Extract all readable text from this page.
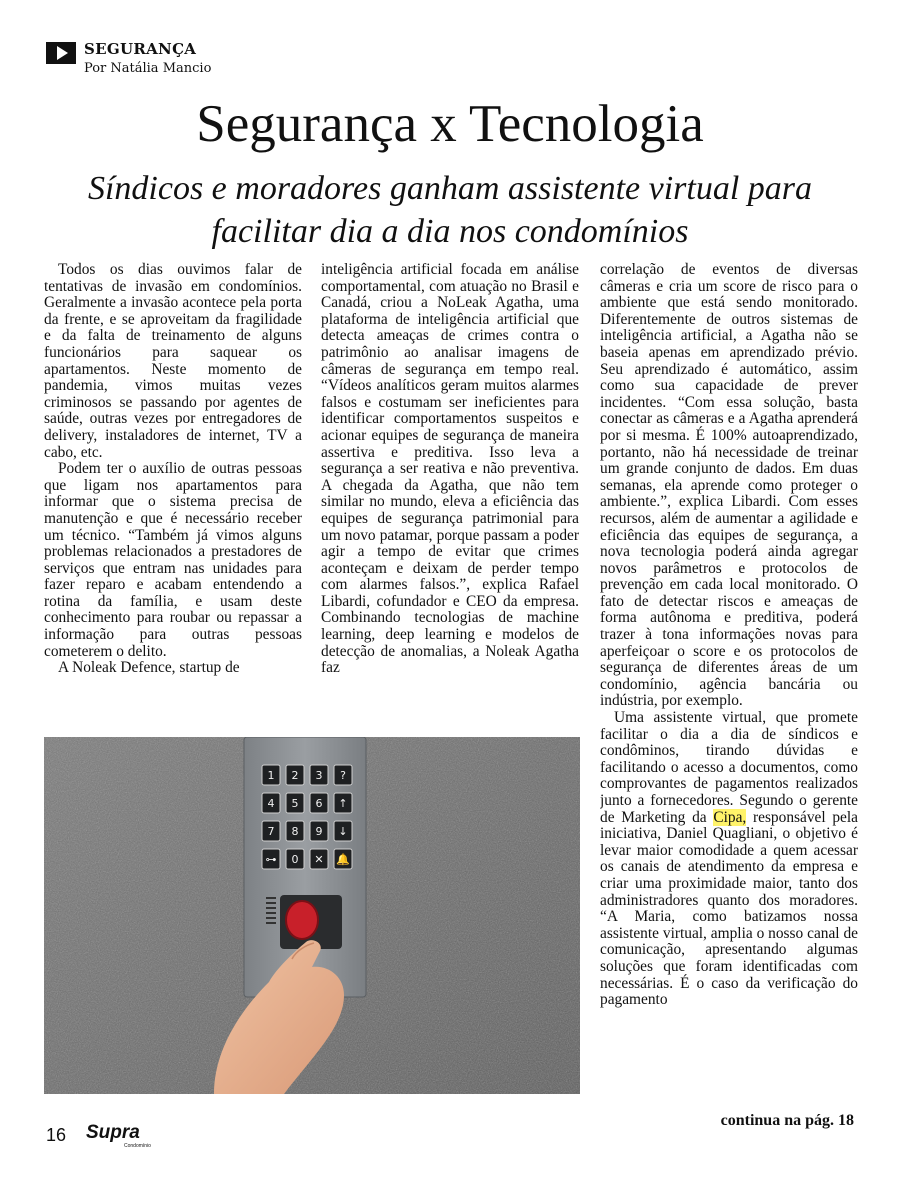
SEGURANÇA
Por Natália Mancio
Segurança x Tecnologia
Síndicos e moradores ganham assistente virtual para facilitar dia a dia nos condomínios

Todos os dias ouvimos falar de tentativas de invasão em condomínios. Geralmente a invasão acontece pela porta da frente, e se aproveitam da fragilidade e da falta de treinamento de alguns funcionários para saquear os apartamentos. Neste momento de pandemia, vimos muitas vezes criminosos se passando por agentes de saúde, outras vezes por entregadores de delivery, instaladores de internet, TV a cabo, etc.

Podem ter o auxílio de outras pessoas que ligam nos apartamentos para informar que o sistema precisa de manutenção e que é necessário receber um técnico. “Também já vimos alguns problemas relacionados a prestadores de serviços que entram nas unidades para fazer reparo e acabam entendendo a rotina da família, e usam deste conhecimento para roubar ou repassar a informação para outras pessoas cometerem o delito.

A Noleak Defence, startup de

inteligência artificial focada em análise comportamental, com atuação no Brasil e Canadá, criou a NoLeak Agatha, uma plataforma de inteligência artificial que detecta ameaças de crimes contra o patrimônio ao analisar imagens de câmeras de segurança em tempo real. “Vídeos analíticos geram muitos alarmes falsos e costumam ser ineficientes para identificar comportamentos suspeitos e acionar equipes de segurança de maneira assertiva e preditiva. Isso leva a segurança a ser reativa e não preventiva. A chegada da Agatha, que não tem similar no mundo, eleva a eficiência das equipes de segurança patrimonial para um novo patamar, porque passam a poder agir a tempo de evitar que crimes aconteçam e deixam de perder tempo com alarmes falsos.”, explica Rafael Libardi, cofundador e CEO da empresa. Combinando tecnologias de machine learning, deep learning e modelos de detecção de anomalias, a Noleak Agatha faz

correlação de eventos de diversas câmeras e cria um score de risco para o ambiente que está sendo monitorado. Diferentemente de outros sistemas de inteligência artificial, a Agatha não se baseia apenas em aprendizado prévio. Seu aprendizado é automático, assim como sua capacidade de prever incidentes. “Com essa solução, basta conectar as câmeras e a Agatha aprenderá por si mesma. É 100% autoaprendizado, portanto, não há necessidade de treinar um grande conjunto de dados. Em duas semanas, ela aprende como proteger o ambiente.”, explica Libardi. Com esses recursos, além de aumentar a agilidade e eficiência das equipes de segurança, a nova tecnologia poderá ainda agregar novos parâmetros e protocolos de prevenção em cada local monitorado. O fato de detectar riscos e ameaças de forma autônoma e preditiva, poderá trazer à tona informações novas para aperfeiçoar o score e os protocolos de segurança de diferentes áreas de um condomínio, agência bancária ou indústria, por exemplo.

Uma assistente virtual, que promete facilitar o dia a dia de síndicos e condôminos, tirando dúvidas e facilitando o acesso a documentos, como comprovantes de pagamentos realizados junto a fornecedores. Segundo o gerente de Marketing da Cipa, responsável pela iniciativa, Daniel Quagliani, o objetivo é levar maior comodidade a quem acessar os canais de atendimento da empresa e criar uma proximidade maior, tanto dos administradores quanto dos moradores. “A Maria, como batizamos nossa assistente virtual, amplia o nosso canal de comunicação, apresentando algumas soluções que foram identificadas com necessárias. É o caso da verificação do pagamento

1 2 3 ?
4 5 6 ↑
7 8 9 ↓
⊶ 0 ✕ 🔔
continua na pág. 18
16 Supra
Condomínio
